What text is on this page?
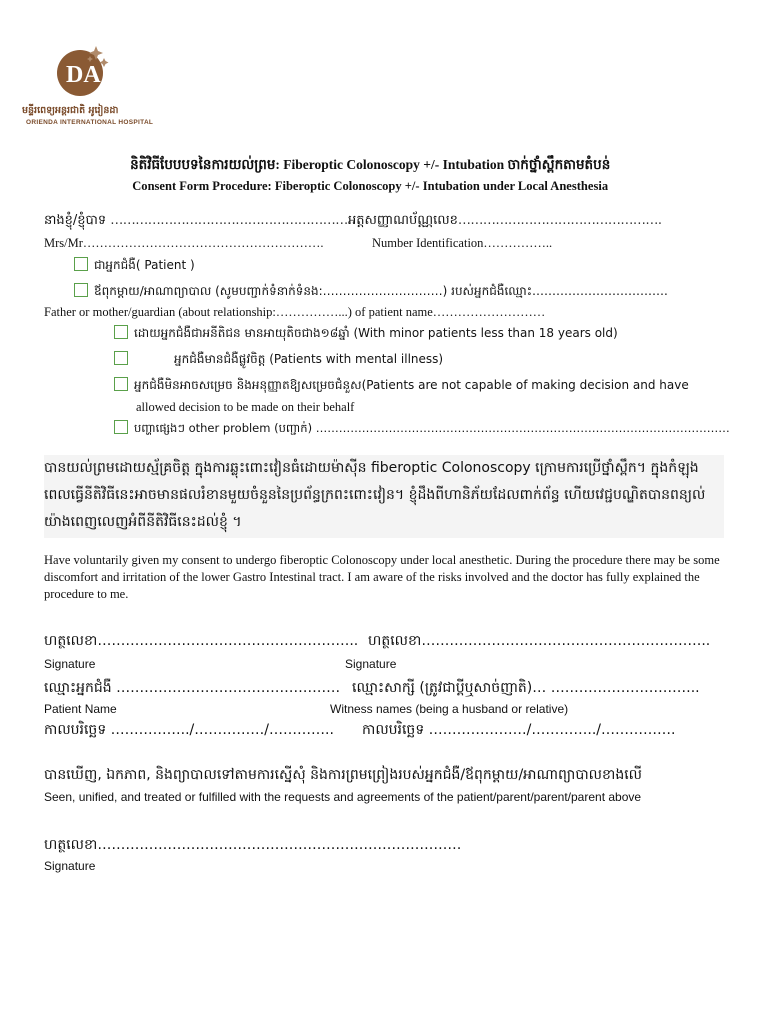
DA
មន្ទីរពេទ្យអន្តរជាតិ អូរៀនដា
ORIENDA INTERNATIONAL HOSPITAL
និតិវិធីបែបបទនៃការយល់ព្រម: Fiberoptic Colonoscopy +/- Intubation ចាក់ថ្នាំស្ពឹកតាមតំបន់
Consent Form Procedure: Fiberoptic Colonoscopy +/- Intubation under Local Anesthesia
នាងខ្ញុំ/ខ្ញុំបាទ ……………………………………………………
អត្តសញ្ញាណប័ណ្ណលេខ………………………………………….
Mrs/Mr………………………………………………….	Number Identification……………..
ជាអ្នកជំងឺ( Patient )
ឪពុកម្តាយ/អាណាព្យាបាល (សូមបញ្ជាក់ទំនាក់ទំនង:…………………………) របស់អ្នកជំងឺឈ្មោះ…………………………….
Father or mother/guardian (about relationship:……………...) of patient name………………………
ដោយអ្នកជំងឺជាអនីតិជន មានអាយុតិចជាង១៨ឆ្នាំ (With minor patients less than 18 years old)
អ្នកជំងឺមានជំងឺផ្លូវចិត្ត (Patients with mental illness)
អ្នកជំងឺមិនអាចសម្រេច និងអនុញ្ញាតឱ្យសម្រេចជំនួស(Patients are not capable of making decision and have
allowed decision to be made on their behalf
បញ្ហាផ្សេងៗ other problem (បញ្ជាក់) ………………………………………………………………………………………………
បានយល់ព្រមដោយស្ម័គ្រចិត្ត ក្នុងការឆ្លុះពោះវៀនធំដោយម៉ាស៊ីន fiberoptic Colonoscopy ក្រោមការប្រើថ្នាំស្ពឹក។ ក្នុងកំឡុងពេលធ្វើនីតិវិធីនេះអាចមានផលរំខានមួយចំនួននៃប្រព័ន្ធក្រពះពោះវៀន។ ខ្ញុំដឹងពីហានិភ័យដែលពាក់ព័ន្ធ ហើយវេជ្ជបណ្ឌិតបានពន្យល់យ៉ាងពេញលេញអំពីនីតិវិធីនេះដល់ខ្ញុំ ។
Have voluntarily given my consent to undergo fiberoptic Colonoscopy under local anesthetic. During the procedure there may be some discomfort and irritation of the lower Gastro Intestinal tract. I am aware of the risks involved and the doctor has fully explained the procedure to me.
ហត្ថលេខា……………………………………………….. ហត្ថលេខា……………………………………………………..
Signature	Signature
ឈ្មោះអ្នកជំងឺ ………………………………………… ឈ្មោះសាក្សី (ត្រូវជាប្តីឬសាច់ញាតិ)… …………………………..
Patient Name	Witness names (being a husband or relative)
កាលបរិច្ឆេទ ……………../……………/………….. កាលបរិច្ឆេទ …………………/…………../…………….
បានឃើញ, ឯកភាព, និងព្យាបាលទៅតាមការស្នើសុំ និងការព្រមព្រៀងរបស់អ្នកជំងឺ/ឪពុកម្តាយ/អាណាព្យាបាលខាងលើ
Seen, unified, and treated or fulfilled with the requests and agreements of the patient/parent/parent/parent above
ហត្ថលេខា……………………………………………………………………
Signature
